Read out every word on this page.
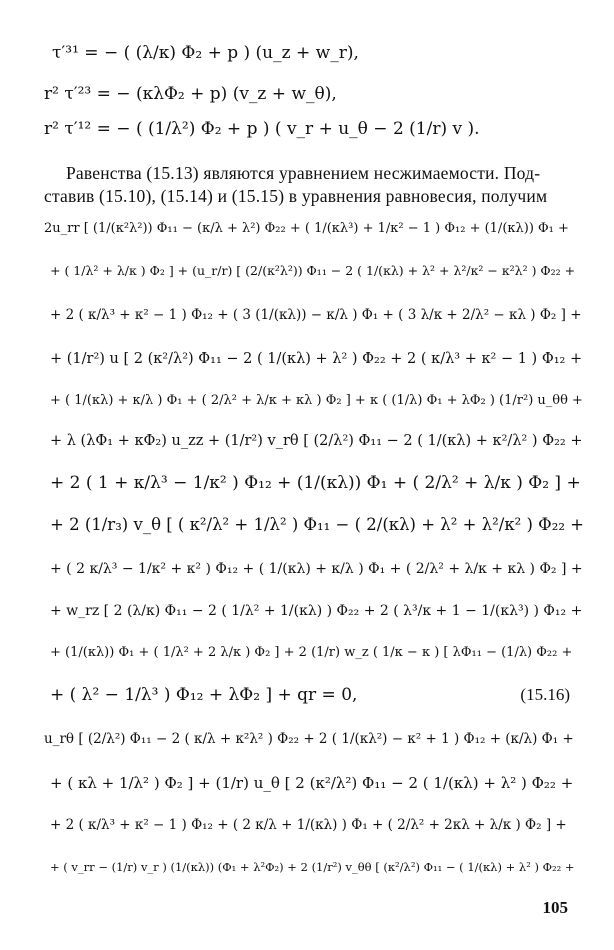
τ′³¹ = − ( (λ/κ) Φ₂ + p ) (u_z + w_r),
r² τ′²³ = − (κλΦ₂ + p) (v_z + w_θ),
r² τ′¹² = − ( (1/λ²) Φ₂ + p ) ( v_r + u_θ − 2 (1/r) v ).
Равенства (15.13) являются уравнением несжимаемости. Под-
ставив (15.10), (15.14) и (15.15) в уравнения равновесия, получим
2u_rr [ (1/(κ²λ²)) Φ₁₁ − (κ/λ + λ²) Φ₂₂ + ( 1/(κλ³) + 1/κ² − 1 ) Φ₁₂ + (1/(κλ)) Φ₁ +
+ ( 1/λ² + λ/κ ) Φ₂ ] + (u_r/r) [ (2/(κ²λ²)) Φ₁₁ − 2 ( 1/(κλ) + λ² + λ²/κ² − κ²λ² ) Φ₂₂ +
+ 2 ( κ/λ³ + κ² − 1 ) Φ₁₂ + ( 3 (1/(κλ)) − κ/λ ) Φ₁ + ( 3 λ/κ + 2/λ² − κλ ) Φ₂ ] +
+ (1/r²) u [ 2 (κ²/λ²) Φ₁₁ − 2 ( 1/(κλ) + λ² ) Φ₂₂ + 2 ( κ/λ³ + κ² − 1 ) Φ₁₂ +
+ ( 1/(κλ) + κ/λ ) Φ₁ + ( 2/λ² + λ/κ + κλ ) Φ₂ ] + κ ( (1/λ) Φ₁ + λΦ₂ ) (1/r²) u_θθ +
+ λ (λΦ₁ + κΦ₂) u_zz + (1/r²) v_rθ [ (2/λ²) Φ₁₁ − 2 ( 1/(κλ) + κ²/λ² ) Φ₂₂ +
+ 2 ( 1 + κ/λ³ − 1/κ² ) Φ₁₂ + (1/(κλ)) Φ₁ + ( 2/λ² + λ/κ ) Φ₂ ] +
+ 2 (1/r₃) v_θ [ ( κ²/λ² + 1/λ² ) Φ₁₁ − ( 2/(κλ) + λ² + λ²/κ² ) Φ₂₂ +
+ ( 2 κ/λ³ − 1/κ² + κ² ) Φ₁₂ + ( 1/(κλ) + κ/λ ) Φ₁ + ( 2/λ² + λ/κ + κλ ) Φ₂ ] +
+ w_rz [ 2 (λ/κ) Φ₁₁ − 2 ( 1/λ² + 1/(κλ) ) Φ₂₂ + 2 ( λ³/κ + 1 − 1/(κλ³) ) Φ₁₂ +
+ (1/(κλ)) Φ₁ + ( 1/λ² + 2 λ/κ ) Φ₂ ] + 2 (1/r) w_z ( 1/κ − κ ) [ λΦ₁₁ − (1/λ) Φ₂₂ +
+ ( λ² − 1/λ³ ) Φ₁₂ + λΦ₂ ] + qr = 0,	(15.16)
u_rθ [ (2/λ²) Φ₁₁ − 2 ( κ/λ + κ²λ² ) Φ₂₂ + 2 ( 1/(κλ²) − κ² + 1 ) Φ₁₂ + (κ/λ) Φ₁ +
+ ( κλ + 1/λ² ) Φ₂ ] + (1/r) u_θ [ 2 (κ²/λ²) Φ₁₁ − 2 ( 1/(κλ) + λ² ) Φ₂₂ +
+ 2 ( κ/λ³ + κ² − 1 ) Φ₁₂ + ( 2 κ/λ + 1/(κλ) ) Φ₁ + ( 2/λ² + 2κλ + λ/κ ) Φ₂ ] +
+ ( v_rr − (1/r) v_r ) (1/(κλ)) (Φ₁ + λ²Φ₂) + 2 (1/r²) v_θθ [ (κ²/λ²) Φ₁₁ − ( 1/(κλ) + λ² ) Φ₂₂ +
105
